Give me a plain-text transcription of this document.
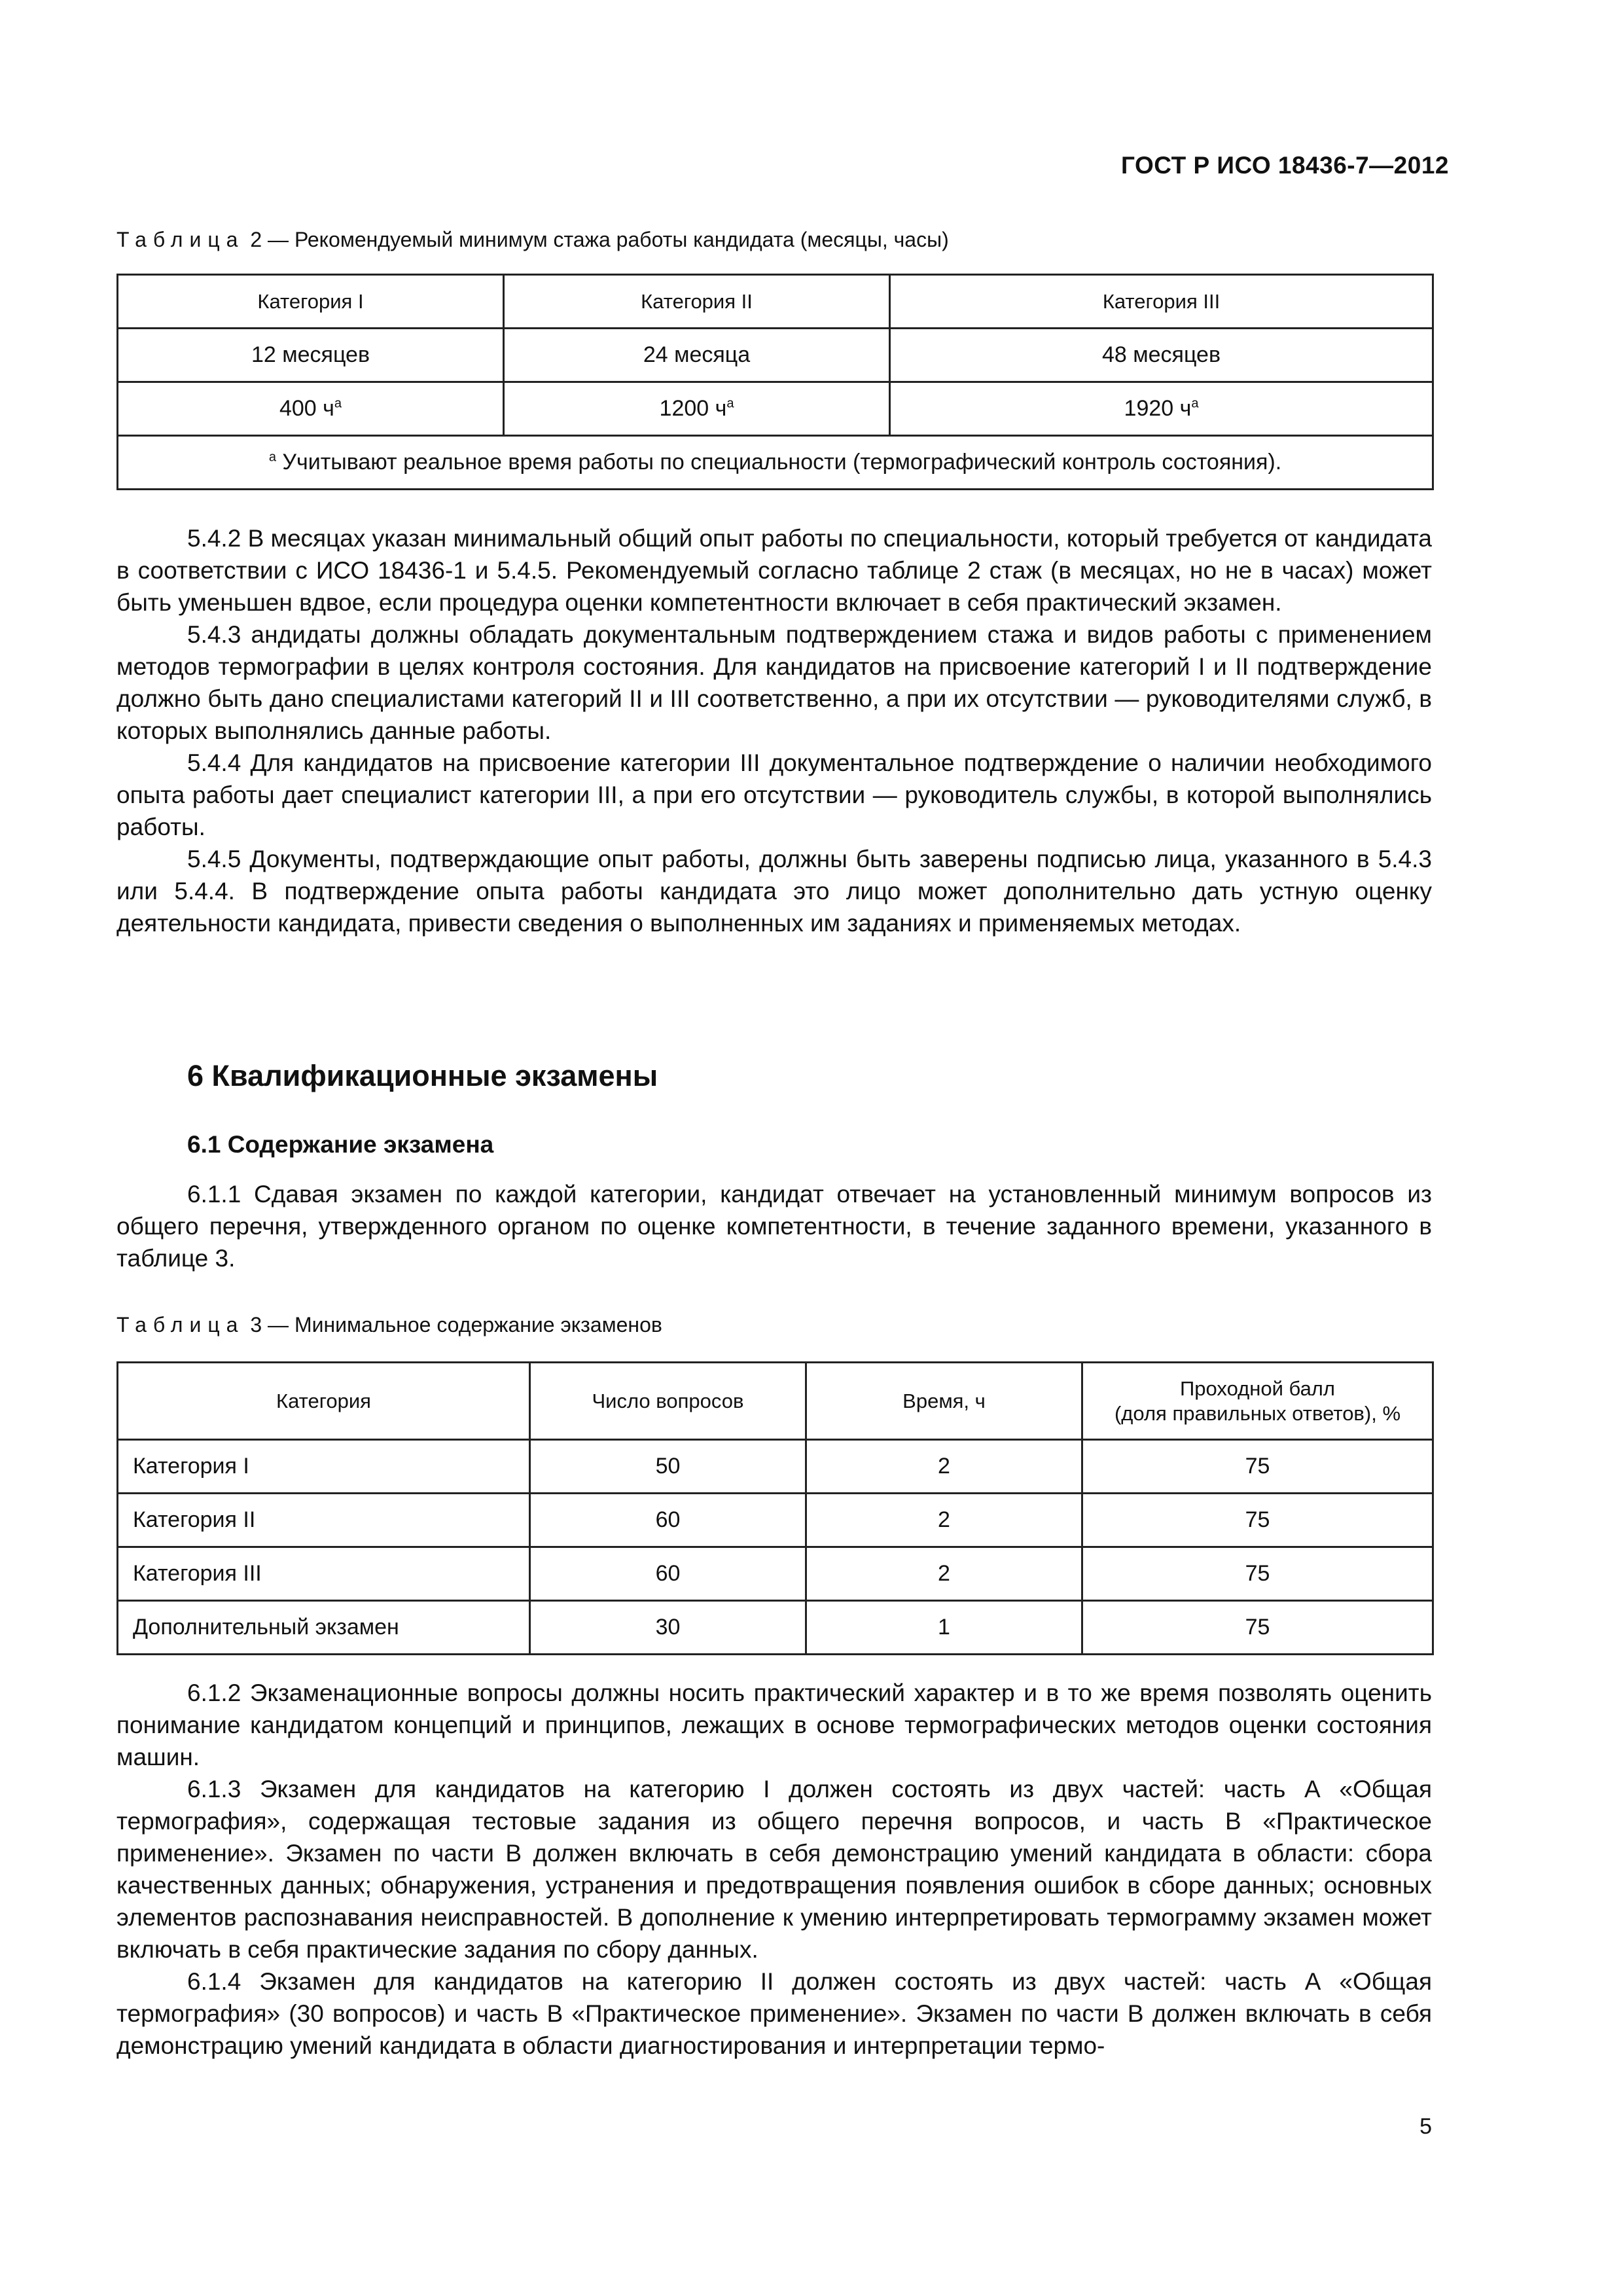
ГОСТ Р ИСО 18436-7—2012
Таблица 2 — Рекомендуемый минимум стажа работы кандидата (месяцы, часы)
Категория I	Категория II	Категория III
12 месяцев	24 месяца	48 месяцев
400 $ч^a$	1200 $ч^a$	1920 $ч^a$
$^a$ Учитывают реальное время работы по специальности (термографический контроль состояния).		

5.4.2 В месяцах указан минимальный общий опыт работы по специальности, который требуется от кандидата в соответствии с ИСО 18436-1 и 5.4.5. Рекомендуемый согласно таблице 2 стаж (в месяцах, но не в часах) может быть уменьшен вдвое, если процедура оценки компетентности включает в себя практический экзамен.

5.4.3 андидаты должны обладать документальным подтверждением стажа и видов работы с применением методов термографии в целях контроля состояния. Для кандидатов на присвоение категорий I и II подтверждение должно быть дано специалистами категорий II и III соответственно, а при их отсутствии — руководителями служб, в которых выполнялись данные работы.

5.4.4 Для кандидатов на присвоение категории III документальное подтверждение о наличии необходимого опыта работы дает специалист категории III, а при его отсутствии — руководитель службы, в которой выполнялись работы.

5.4.5 Документы, подтверждающие опыт работы, должны быть заверены подписью лица, указанного в 5.4.3 или 5.4.4. В подтверждение опыта работы кандидата это лицо может дополнительно дать устную оценку деятельности кандидата, привести сведения о выполненных им заданиях и применяемых методах.

6 Квалификационные экзамены
6.1 Содержание экзамена

6.1.1 Сдавая экзамен по каждой категории, кандидат отвечает на установленный минимум вопросов из общего перечня, утвержденного органом по оценке компетентности, в течение заданного времени, указанного в таблице 3.

Таблица 3 — Минимальное содержание экзаменов
Категория	Число вопросов	Время, ч	Проходной балл
(доля правильных ответов), %

Категория I	50	2	75
Категория II	60	2	75
Категория III	60	2	75
Дополнительный экзамен	30	1	75

6.1.2 Экзаменационные вопросы должны носить практический характер и в то же время позволять оценить понимание кандидатом концепций и принципов, лежащих в основе термографических методов оценки состояния машин.

6.1.3 Экзамен для кандидатов на категорию I должен состоять из двух частей: часть А «Общая термография», содержащая тестовые задания из общего перечня вопросов, и часть В «Практическое применение». Экзамен по части В должен включать в себя демонстрацию умений кандидата в области: сбора качественных данных; обнаружения, устранения и предотвращения появления ошибок в сборе данных; основных элементов распознавания неисправностей. В дополнение к умению интерпретировать термограмму экзамен может включать в себя практические задания по сбору данных.

6.1.4 Экзамен для кандидатов на категорию II должен состоять из двух частей: часть А «Общая термография» (30 вопросов) и часть В «Практическое применение». Экзамен по части В должен включать в себя демонстрацию умений кандидата в области диагностирования и интерпретации термо-

5
